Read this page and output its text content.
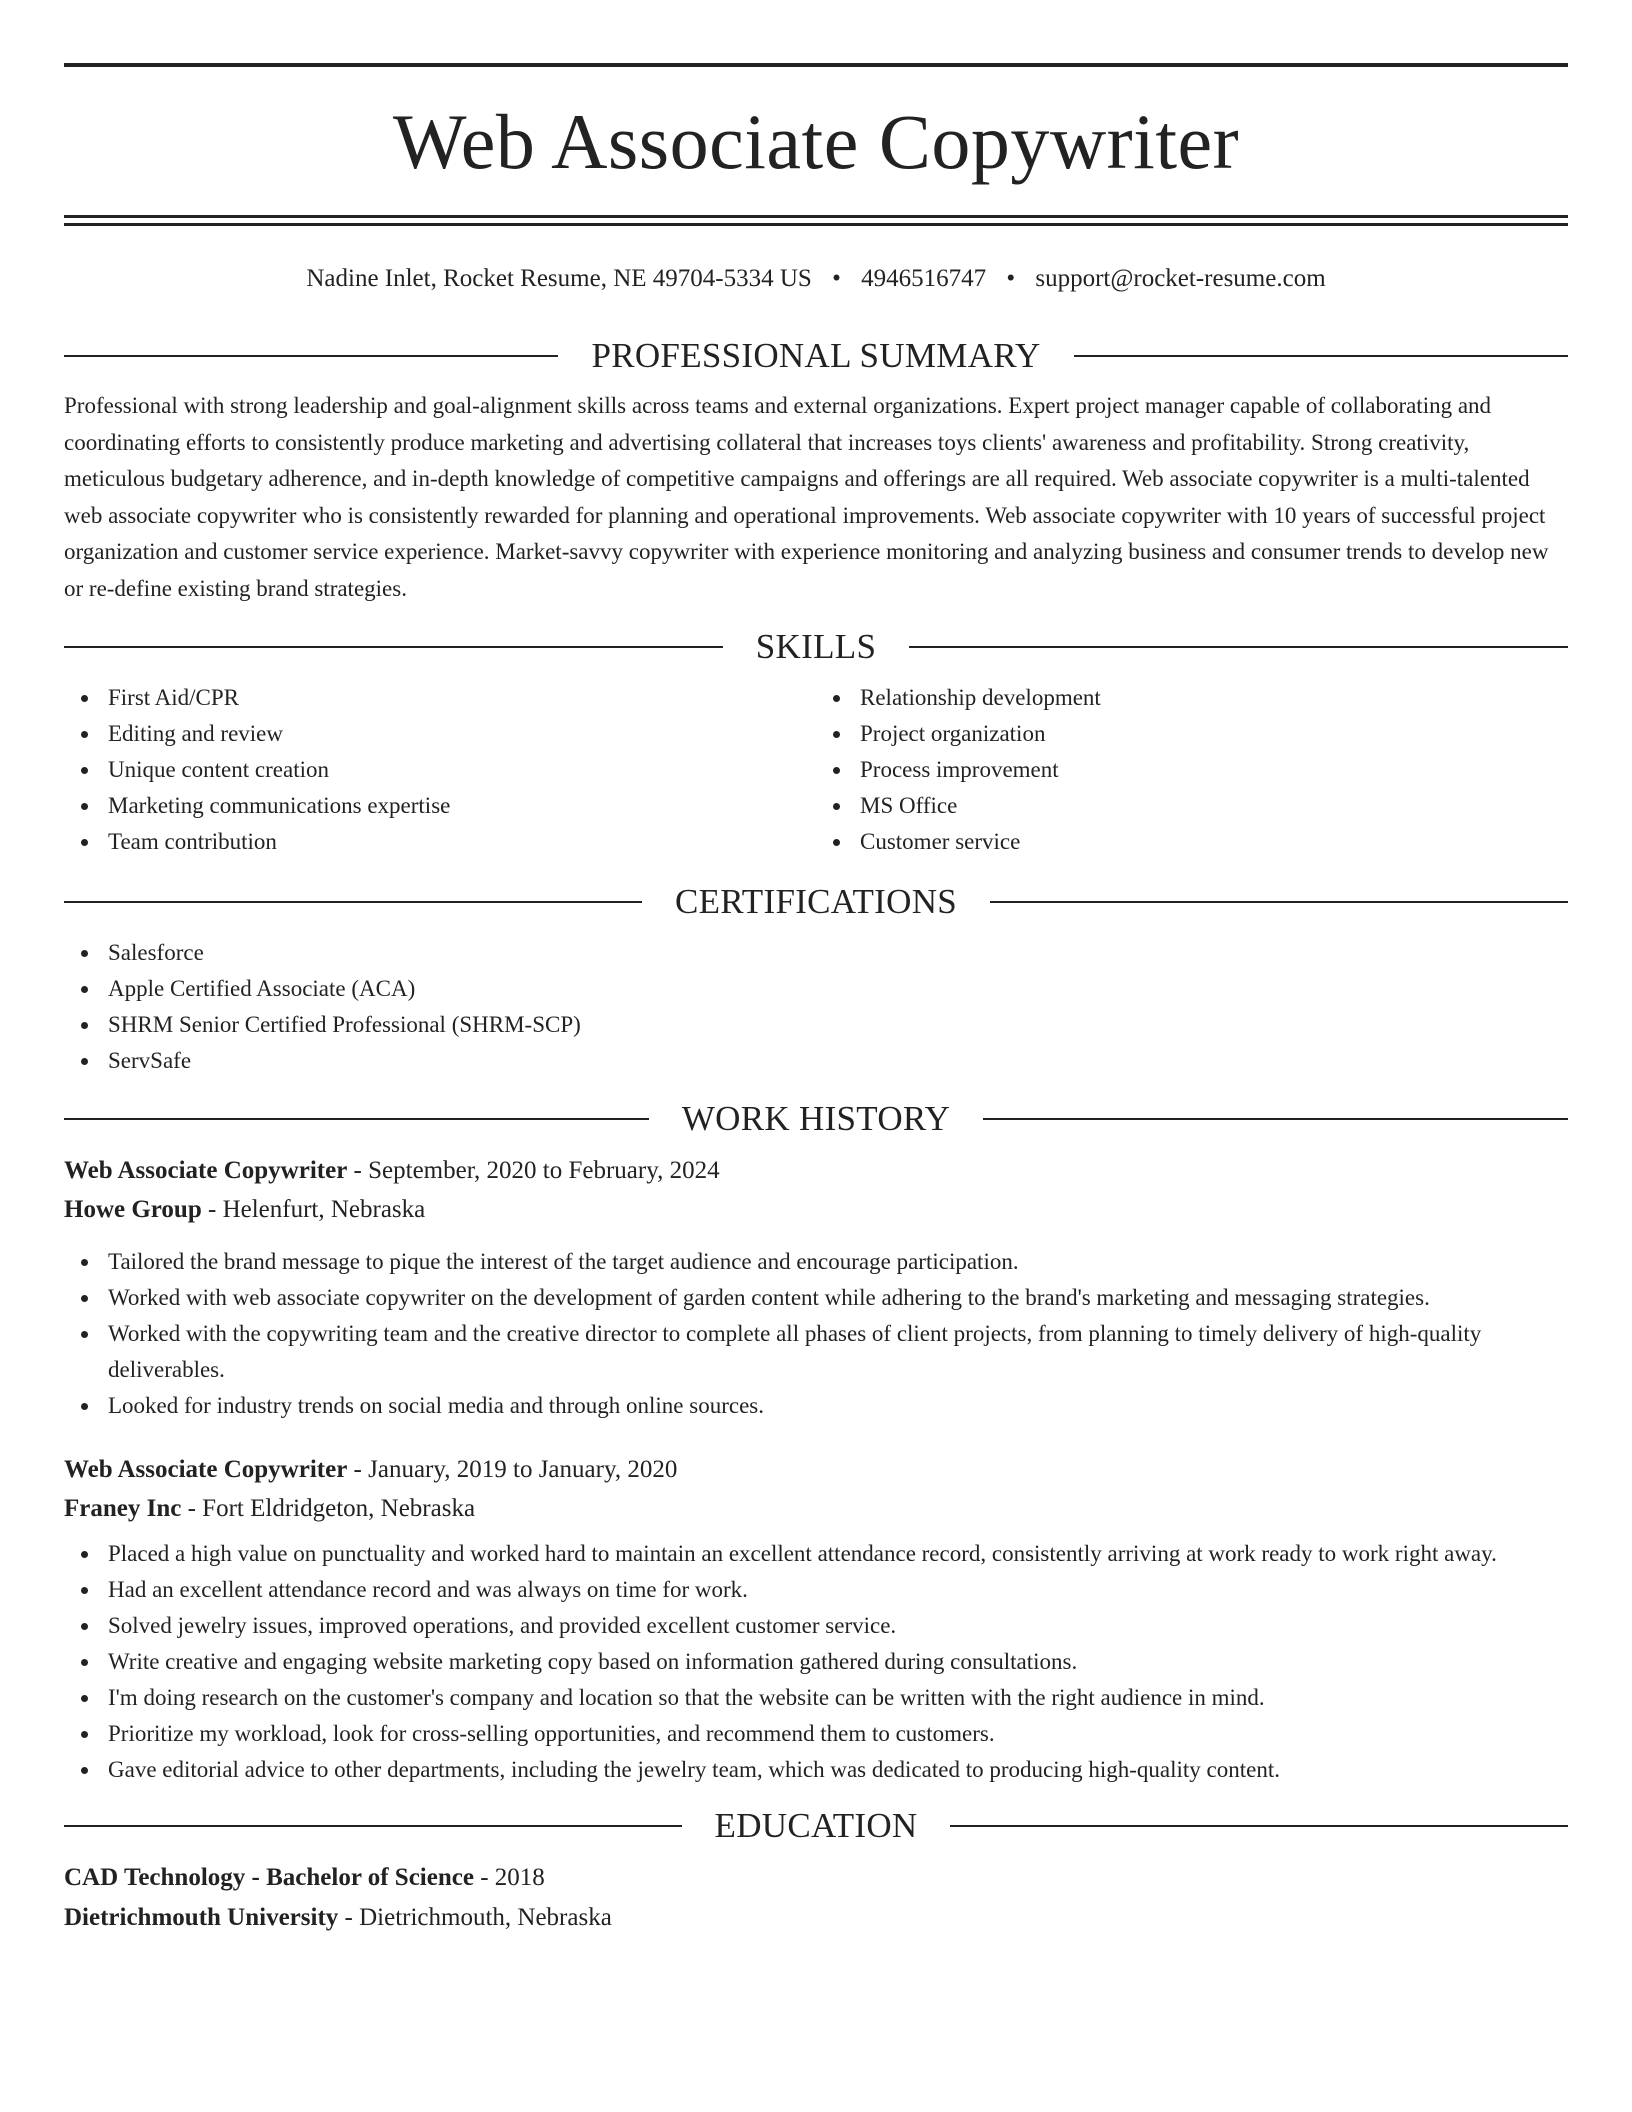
Web Associate Copywriter
Nadine Inlet, Rocket Resume, NE 49704-5334 US • 4946516747 • support@rocket-resume.com
PROFESSIONAL SUMMARY

Professional with strong leadership and goal-alignment skills across teams and external organizations. Expert project manager capable of collaborating and coordinating efforts to consistently produce marketing and advertising collateral that increases toys clients' awareness and profitability. Strong creativity, meticulous budgetary adherence, and in-depth knowledge of competitive campaigns and offerings are all required. Web associate copywriter is a multi-talented web associate copywriter who is consistently rewarded for planning and operational improvements. Web associate copywriter with 10 years of successful project organization and customer service experience. Market-savvy copywriter with experience monitoring and analyzing business and consumer trends to develop new or re-define existing brand strategies.

SKILLS
First Aid/CPR
Editing and review
Unique content creation
Marketing communications expertise
Team contribution
Relationship development
Project organization
Process improvement
MS Office
Customer service
CERTIFICATIONS
Salesforce
Apple Certified Associate (ACA)
SHRM Senior Certified Professional (SHRM-SCP)
ServSafe
WORK HISTORY
Web Associate Copywriter - September, 2020 to February, 2024
Howe Group - Helenfurt, Nebraska
Tailored the brand message to pique the interest of the target audience and encourage participation.
Worked with web associate copywriter on the development of garden content while adhering to the brand's marketing and messaging strategies.
Worked with the copywriting team and the creative director to complete all phases of client projects, from planning to timely delivery of high-quality deliverables.
Looked for industry trends on social media and through online sources.
Web Associate Copywriter - January, 2019 to January, 2020
Franey Inc - Fort Eldridgeton, Nebraska
Placed a high value on punctuality and worked hard to maintain an excellent attendance record, consistently arriving at work ready to work right away.
Had an excellent attendance record and was always on time for work.
Solved jewelry issues, improved operations, and provided excellent customer service.
Write creative and engaging website marketing copy based on information gathered during consultations.
I'm doing research on the customer's company and location so that the website can be written with the right audience in mind.
Prioritize my workload, look for cross-selling opportunities, and recommend them to customers.
Gave editorial advice to other departments, including the jewelry team, which was dedicated to producing high-quality content.
EDUCATION
CAD Technology - Bachelor of Science - 2018
Dietrichmouth University - Dietrichmouth, Nebraska
